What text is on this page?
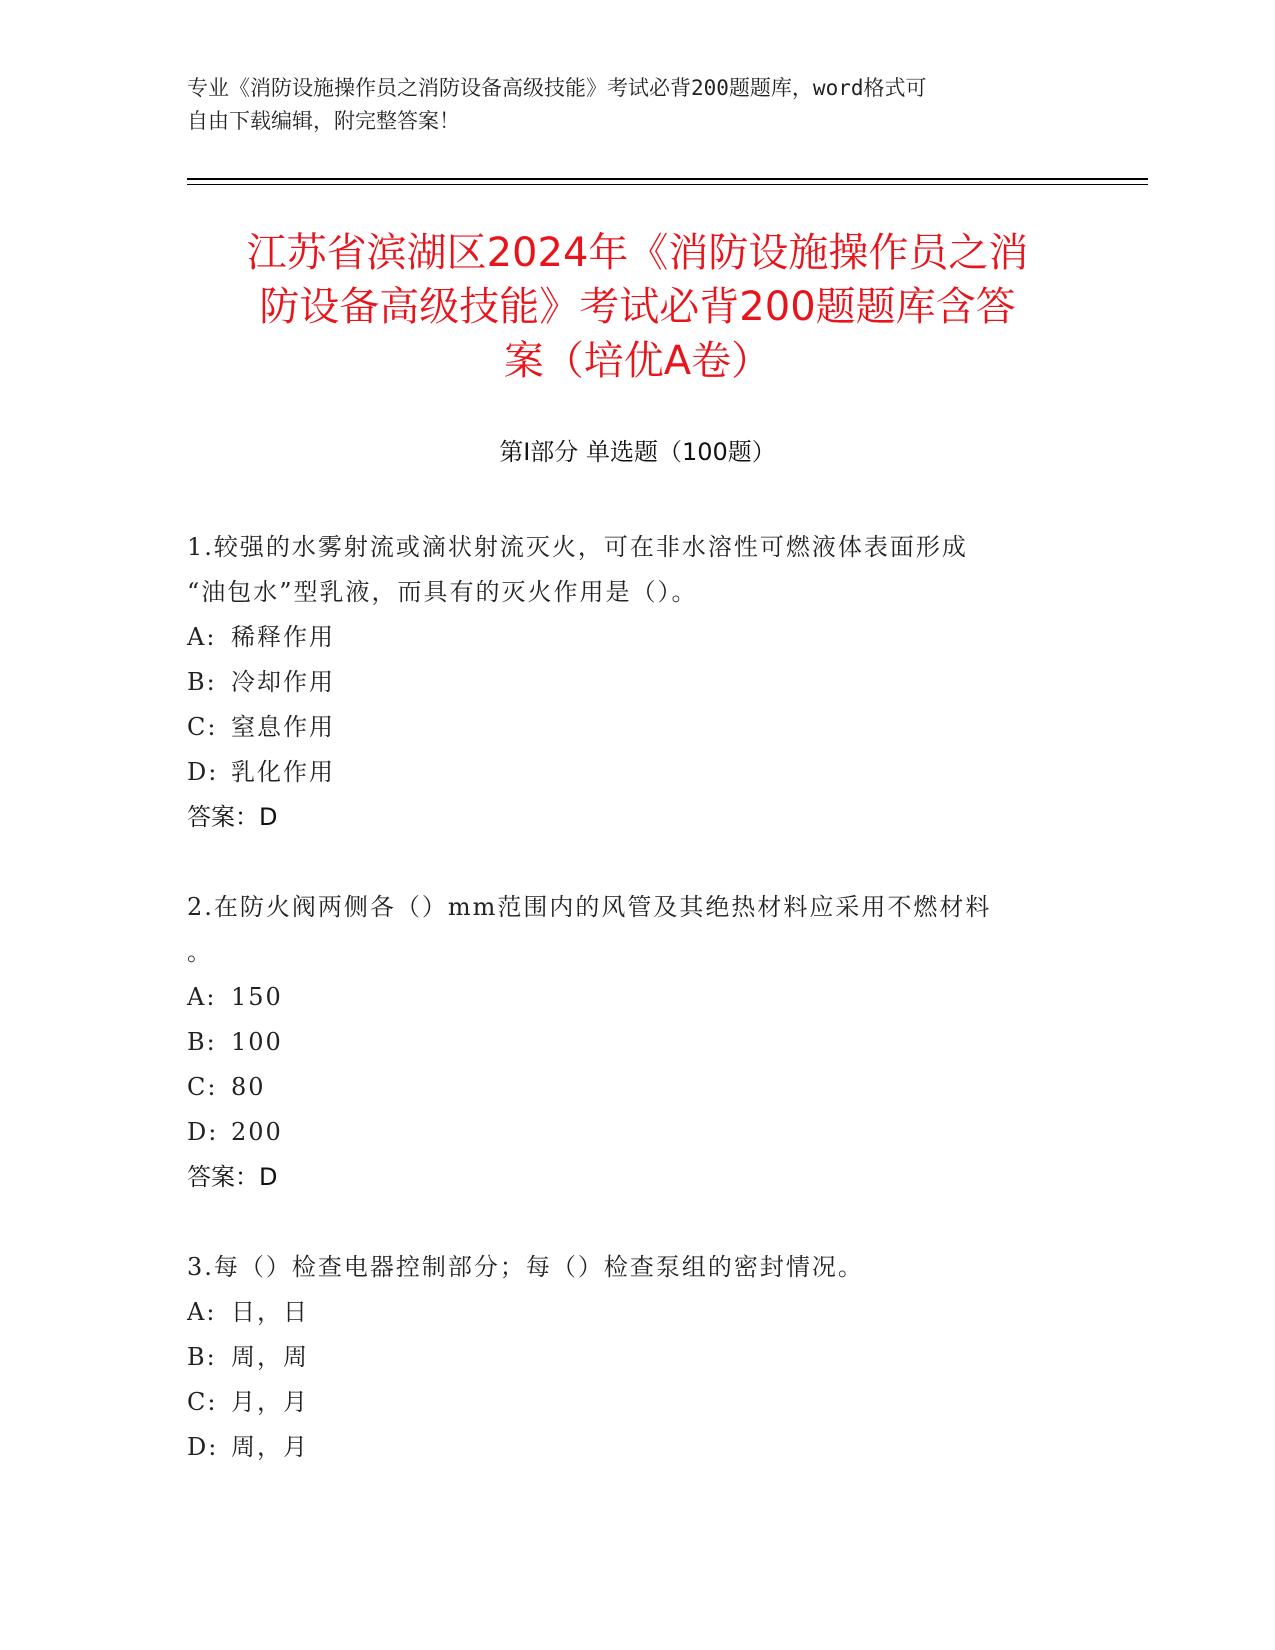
专业《消防设施操作员之消防设备高级技能》考试必背200题题库，word格式可
自由下载编辑，附完整答案！
江苏省滨湖区2024年《消防设施操作员之消
防设备高级技能》考试必背200题题库含答
案（培优A卷）
第Ⅰ部分 单选题（100题）
1.较强的水雾射流或滴状射流灭火，可在非水溶性可燃液体表面形成
“油包水”型乳液，而具有的灭火作用是（）。
A: 稀释作用
B: 冷却作用
C: 窒息作用
D: 乳化作用
答案：D
2.在防火阀两侧各（）mm范围内的风管及其绝热材料应采用不燃材料
。
A: 150
B: 100
C: 80
D: 200
答案：D
3.每（）检查电器控制部分；每（）检查泵组的密封情况。
A: 日，日
B: 周，周
C: 月，月
D: 周，月
